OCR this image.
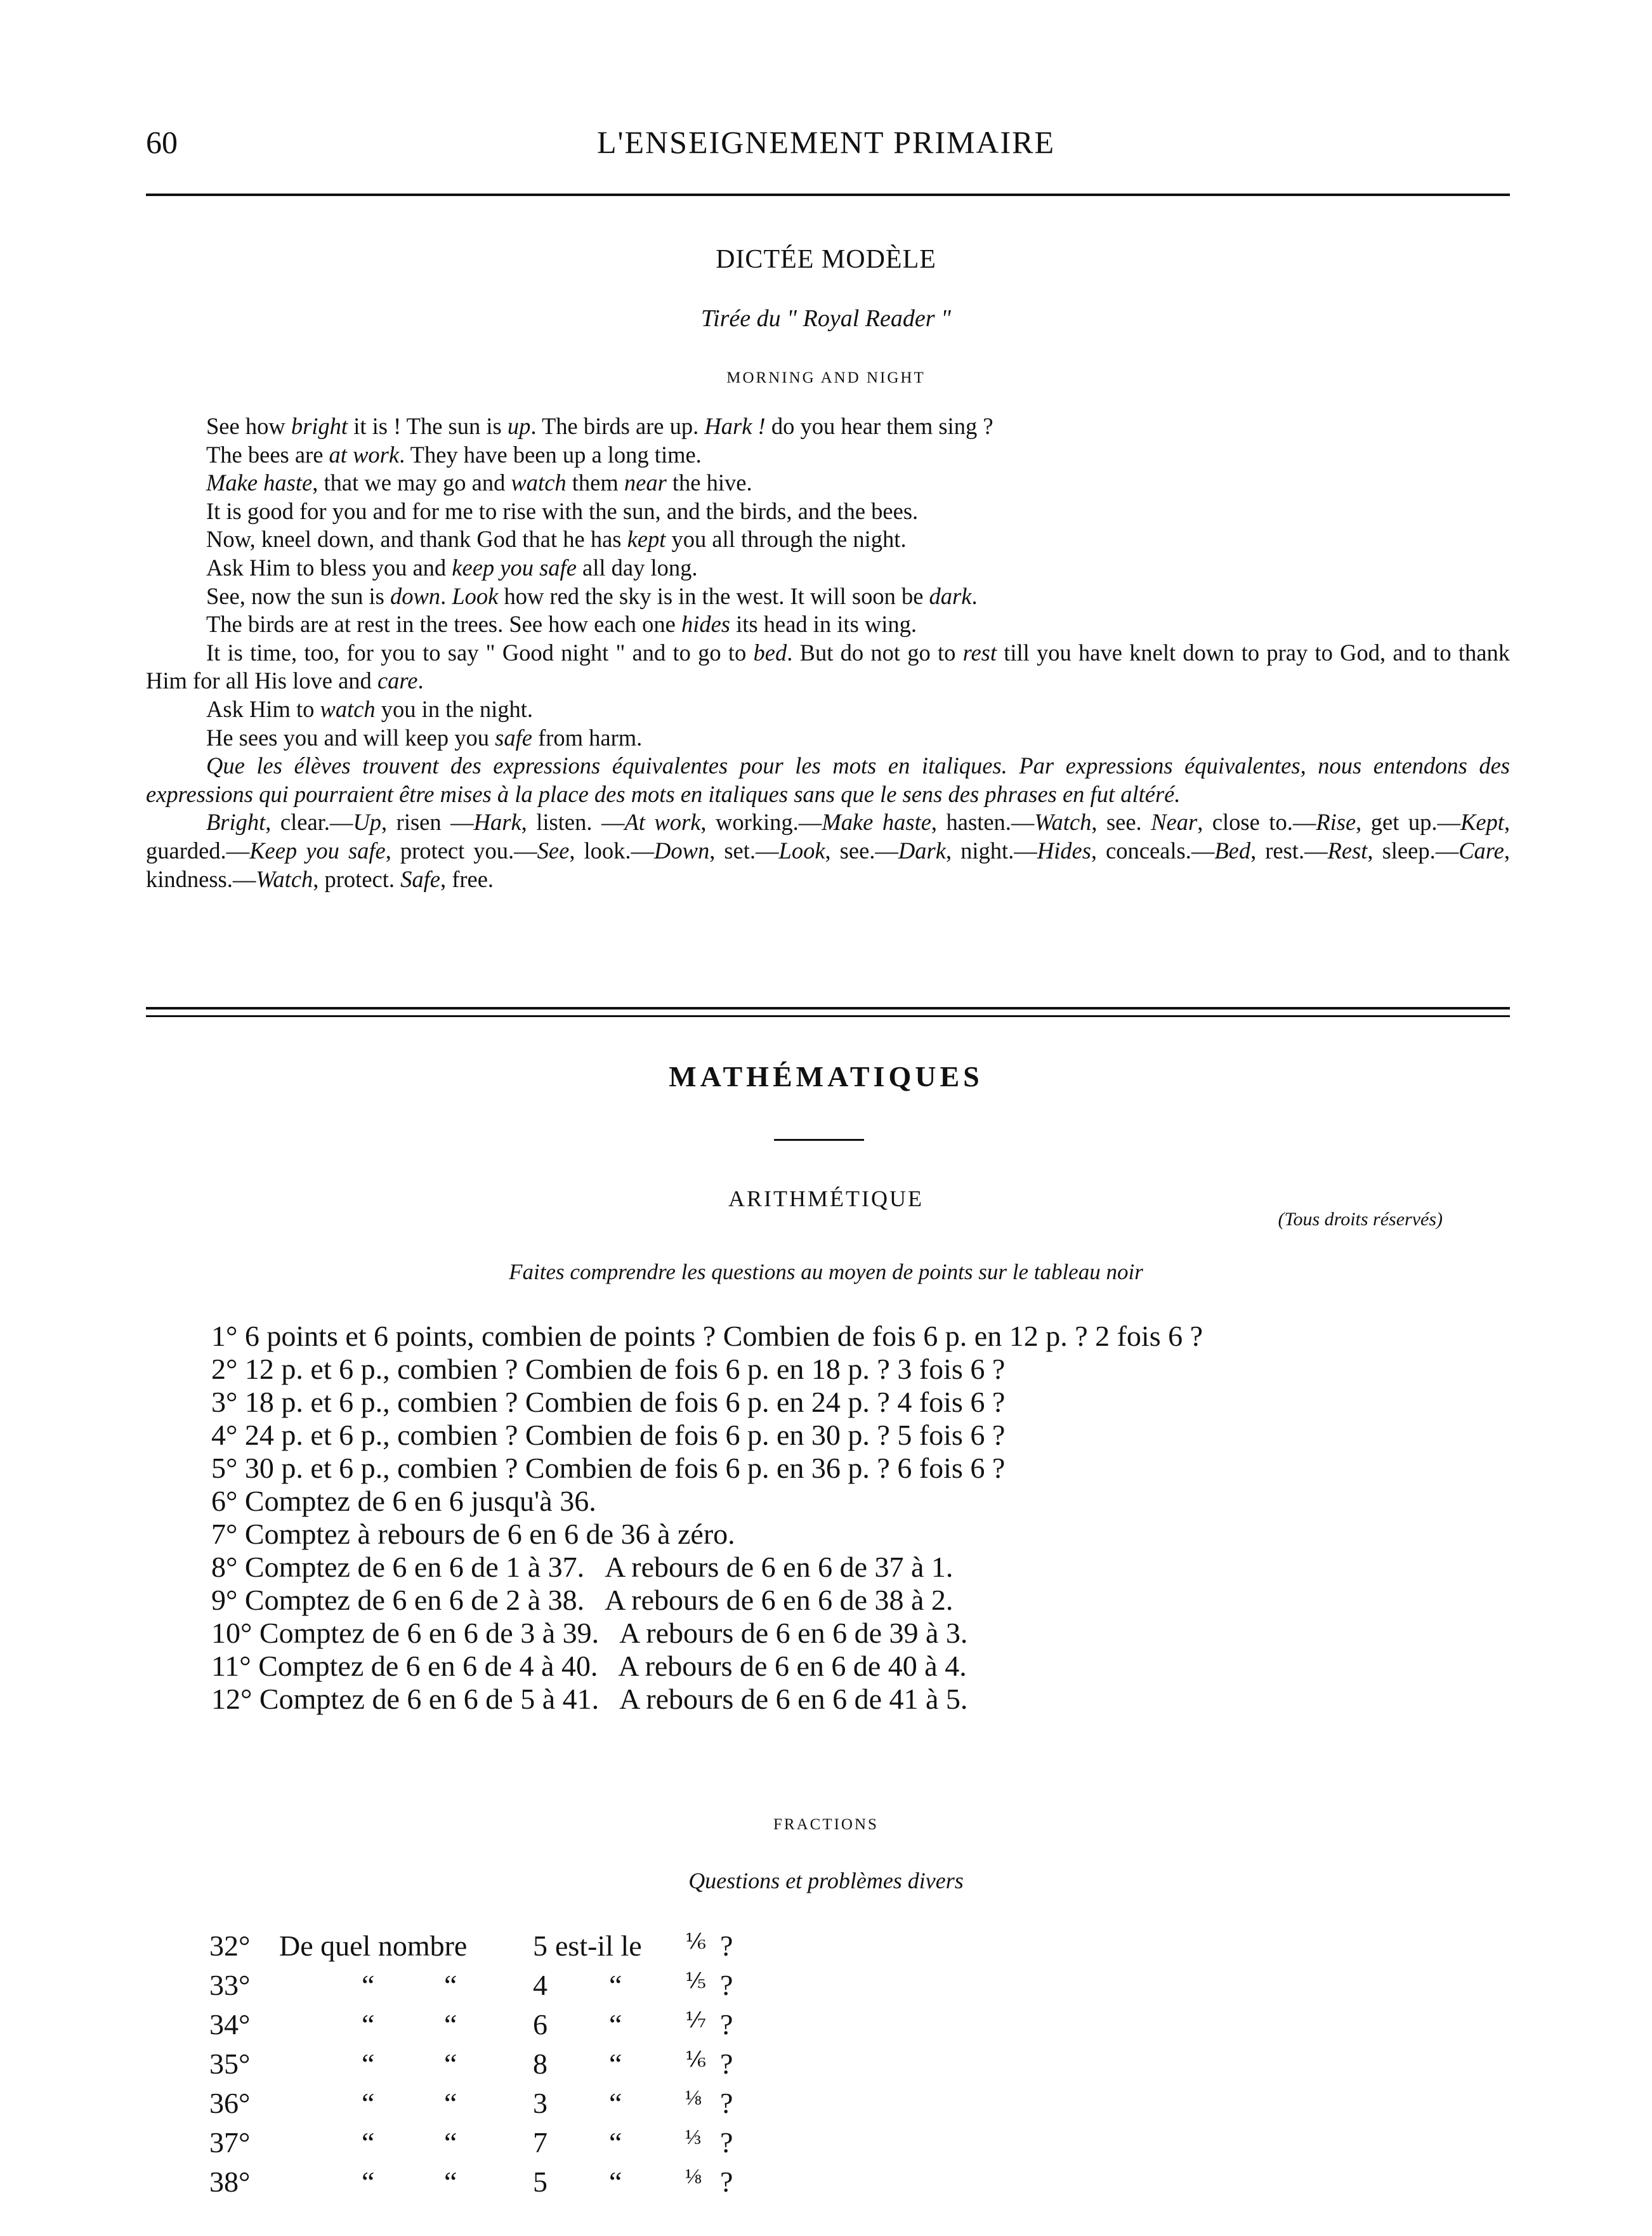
60	L'ENSEIGNEMENT PRIMAIRE
DICTÉE MODÈLE
Tirée du " Royal Reader "
MORNING AND NIGHT

See how bright it is ! The sun is up. The birds are up. Hark ! do you hear them sing ?

The bees are at work. They have been up a long time.

Make haste, that we may go and watch them near the hive.

It is good for you and for me to rise with the sun, and the birds, and the bees.

Now, kneel down, and thank God that he has kept you all through the night.

Ask Him to bless you and keep you safe all day long.

See, now the sun is down. Look how red the sky is in the west. It will soon be dark.

The birds are at rest in the trees. See how each one hides its head in its wing.

It is time, too, for you to say " Good night " and to go to bed. But do not go to rest till you have knelt down to pray to God, and to thank Him for all His love and care.

Ask Him to watch you in the night.

He sees you and will keep you safe from harm.

Que les élèves trouvent des expressions équivalentes pour les mots en italiques. Par expressions équivalentes, nous entendons des expressions qui pourraient être mises à la place des mots en italiques sans que le sens des phrases en fut altéré.

Bright, clear.—Up, risen —Hark, listen. —At work, working.—Make haste, hasten.—Watch, see. Near, close to.—Rise, get up.—Kept, guarded.—Keep you safe, protect you.—See, look.—Down, set.—Look, see.—Dark, night.—Hides, conceals.—Bed, rest.—Rest, sleep.—Care, kindness.—Watch, protect. Safe, free.

MATHÉMATIQUES
ARITHMÉTIQUE
(Tous droits réservés)
Faites comprendre les questions au moyen de points sur le tableau noir

1° 6 points et 6 points, combien de points ? Combien de fois 6 p. en 12 p. ? 2 fois 6 ?

2° 12 p. et 6 p., combien ? Combien de fois 6 p. en 18 p. ? 3 fois 6 ?

3° 18 p. et 6 p., combien ? Combien de fois 6 p. en 24 p. ? 4 fois 6 ?

4° 24 p. et 6 p., combien ? Combien de fois 6 p. en 30 p. ? 5 fois 6 ?

5° 30 p. et 6 p., combien ? Combien de fois 6 p. en 36 p. ? 6 fois 6 ?

6° Comptez de 6 en 6 jusqu'à 36.

7° Comptez à rebours de 6 en 6 de 36 à zéro.

8° Comptez de 6 en 6 de 1 à 37.   A rebours de 6 en 6 de 37 à 1.

9° Comptez de 6 en 6 de 2 à 38.   A rebours de 6 en 6 de 38 à 2.

10° Comptez de 6 en 6 de 3 à 39.   A rebours de 6 en 6 de 39 à 3.

11° Comptez de 6 en 6 de 4 à 40.   A rebours de 6 en 6 de 40 à 4.

12° Comptez de 6 en 6 de 5 à 41.   A rebours de 6 en 6 de 41 à 5.

FRACTIONS
Questions et problèmes divers
32° De quel nombre 5 est-il le ⅙ ?
33°	“ “	4 “	⅕ ?
34°	“ “	6 “	⅐ ?
35°	“ “	8 “	⅙ ?
36°	“ “	3 “	⅛ ?
37°	“ “	7 “	⅓ ?
38°	“ “	5 “	⅛ ?
